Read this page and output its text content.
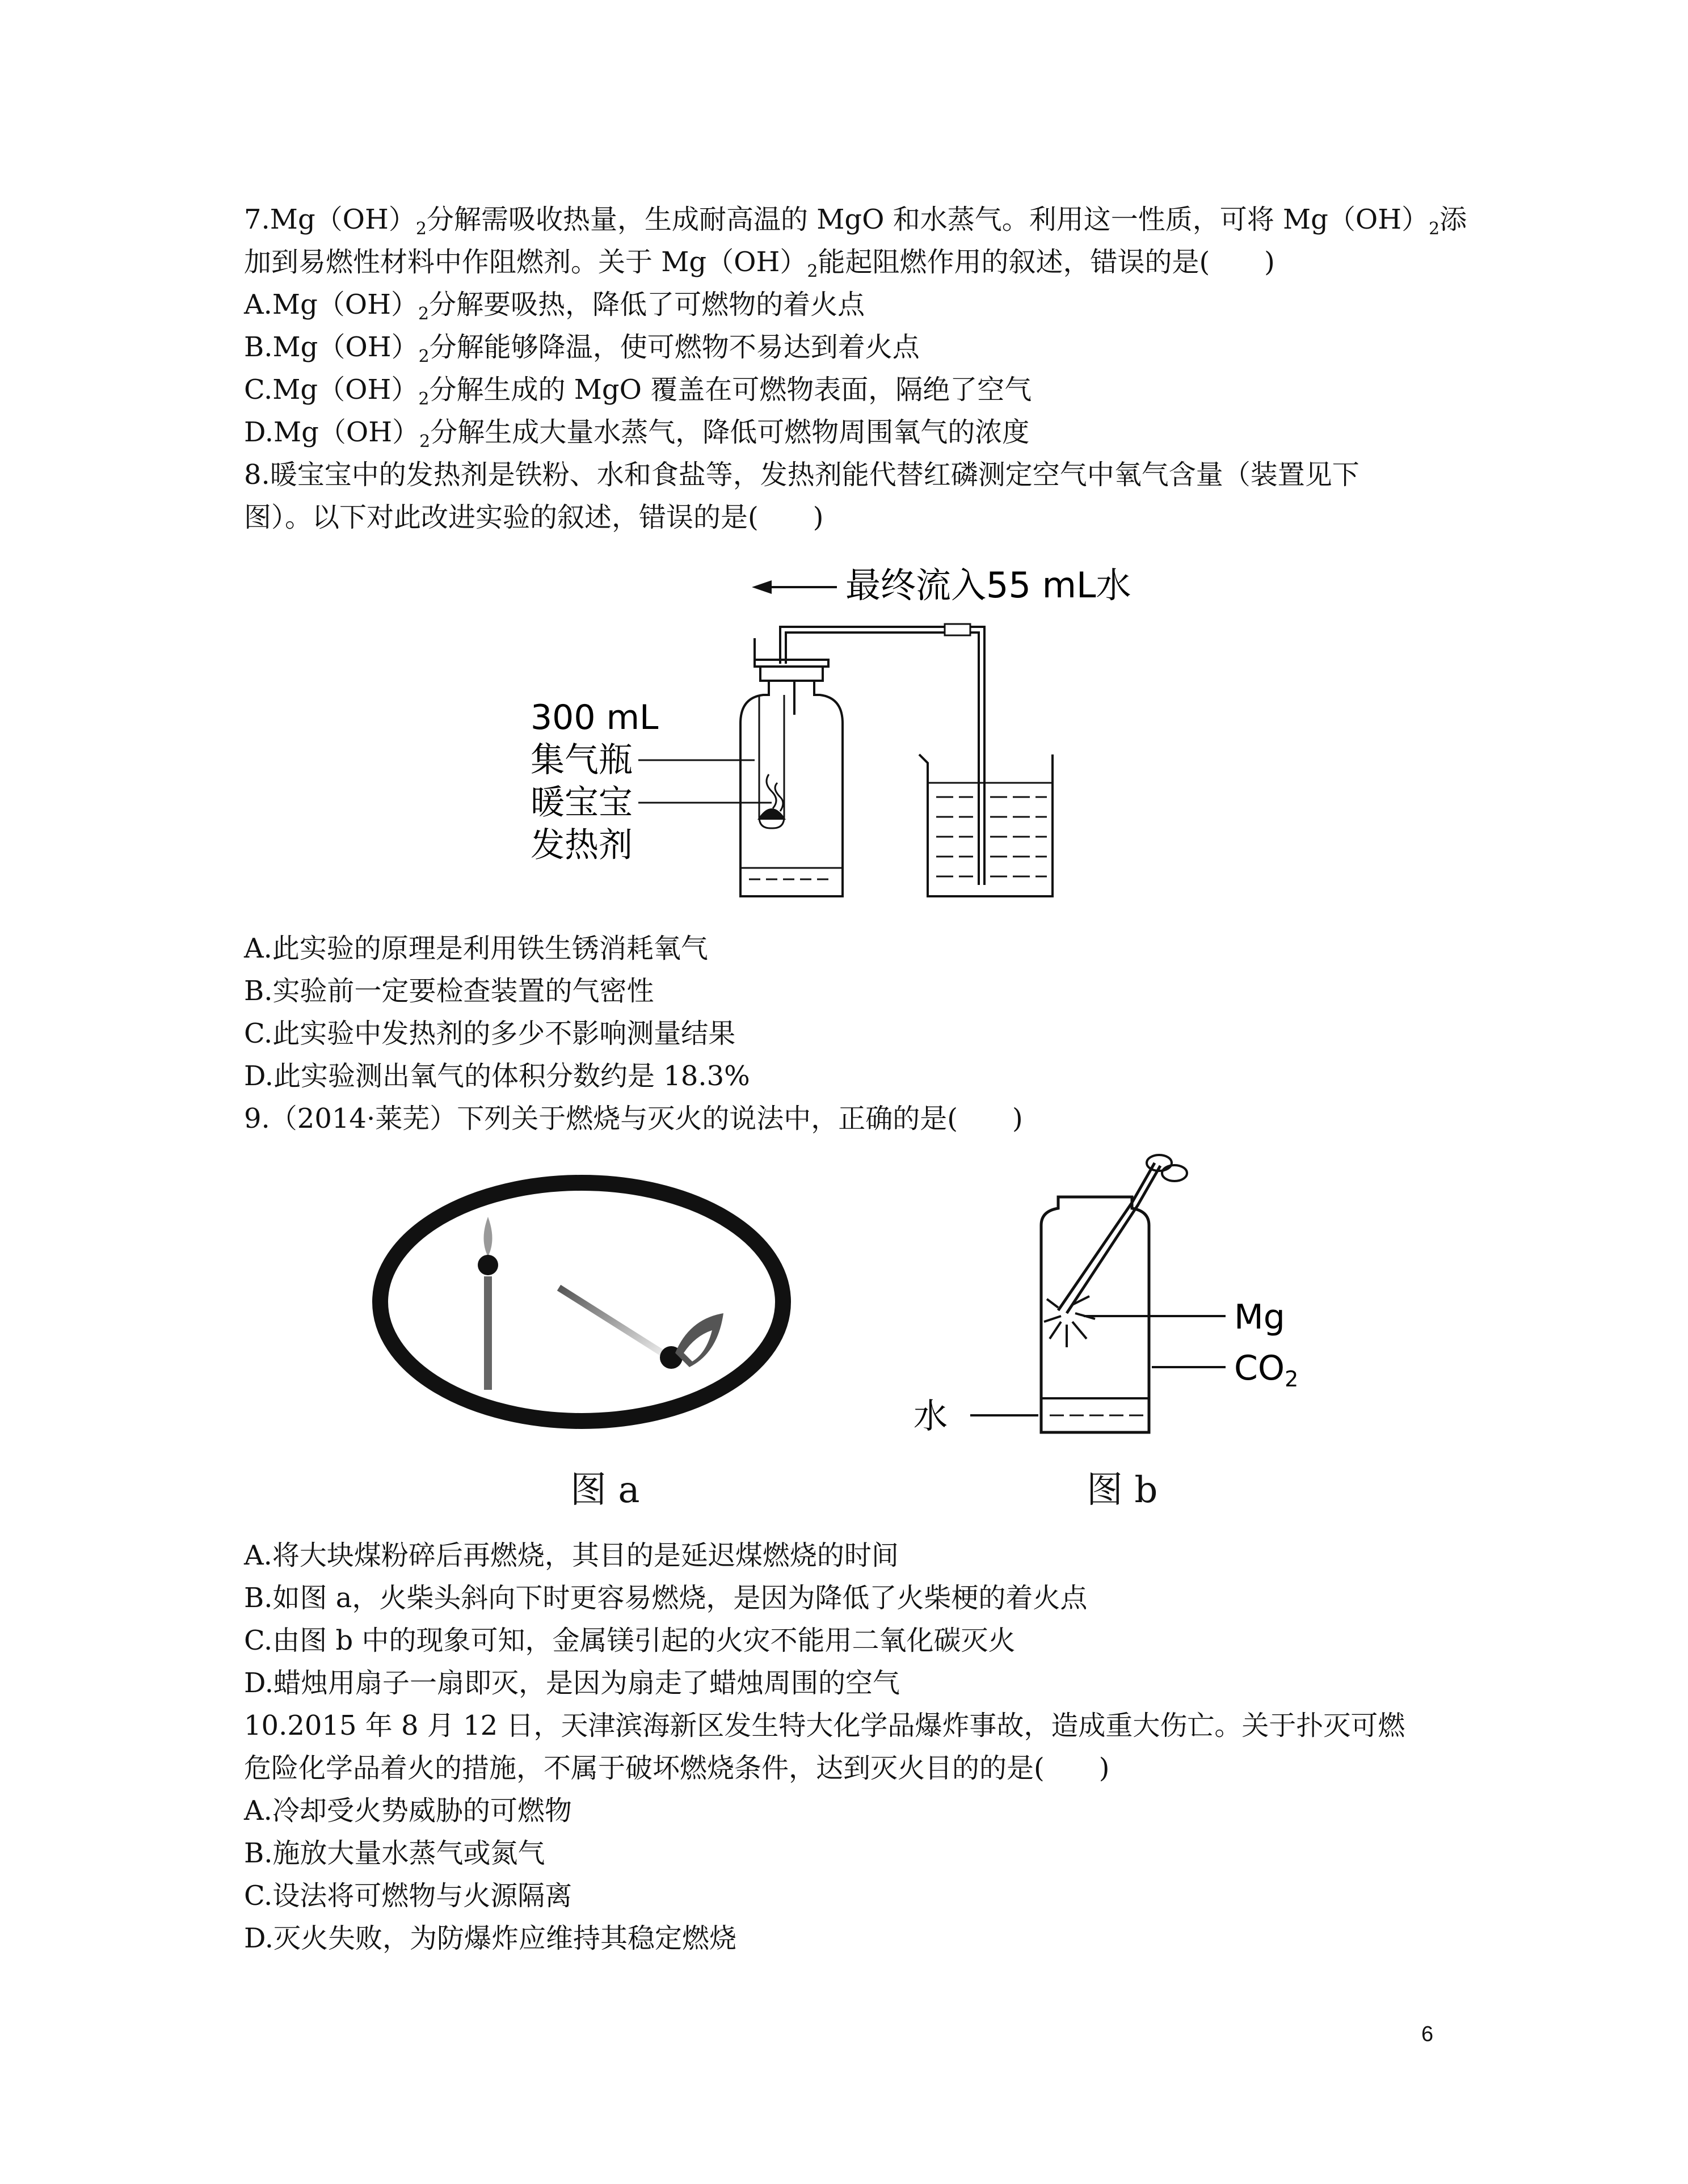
$7.Mg(OH)_2$分解需吸收热量，生成耐高温的 MgO 和水蒸气。利用这一性质，可将 $Mg(OH)_2$添
加到易燃性材料中作阻燃剂。关于 $Mg(OH)_2$能起阻燃作用的叙述，错误的是(　　)
$A.Mg(OH)_2$分解要吸热，降低了可燃物的着火点
$B.Mg(OH)_2$分解能够降温，使可燃物不易达到着火点
$C.Mg(OH)_2$分解生成的 MgO 覆盖在可燃物表面，隔绝了空气
$D.Mg(OH)_2$分解生成大量水蒸气，降低可燃物周围氧气的浓度
8.暖宝宝中的发热剂是铁粉、水和食盐等，发热剂能代替红磷测定空气中氧气含量（装置见下
图）。以下对此改进实验的叙述，错误的是(　　)
最终流入55 mL水
300 mL
集气瓶
暖宝宝
发热剂
A.此实验的原理是利用铁生锈消耗氧气
B.实验前一定要检查装置的气密性
C.此实验中发热剂的多少不影响测量结果
D.此实验测出氧气的体积分数约是 18.3%
9.（2014·莱芜）下列关于燃烧与灭火的说法中，正确的是(　　)
图 a
Mg
$CO_2$
水
图 b
A.将大块煤粉碎后再燃烧，其目的是延迟煤燃烧的时间
B.如图 a，火柴头斜向下时更容易燃烧，是因为降低了火柴梗的着火点
C.由图 b 中的现象可知，金属镁引起的火灾不能用二氧化碳灭火
D.蜡烛用扇子一扇即灭，是因为扇走了蜡烛周围的空气
10.2015 年 8 月 12 日，天津滨海新区发生特大化学品爆炸事故，造成重大伤亡。关于扑灭可燃
危险化学品着火的措施，不属于破坏燃烧条件，达到灭火目的的是(　　)
A.冷却受火势威胁的可燃物
B.施放大量水蒸气或氮气
C.设法将可燃物与火源隔离
D.灭火失败，为防爆炸应维持其稳定燃烧
6
